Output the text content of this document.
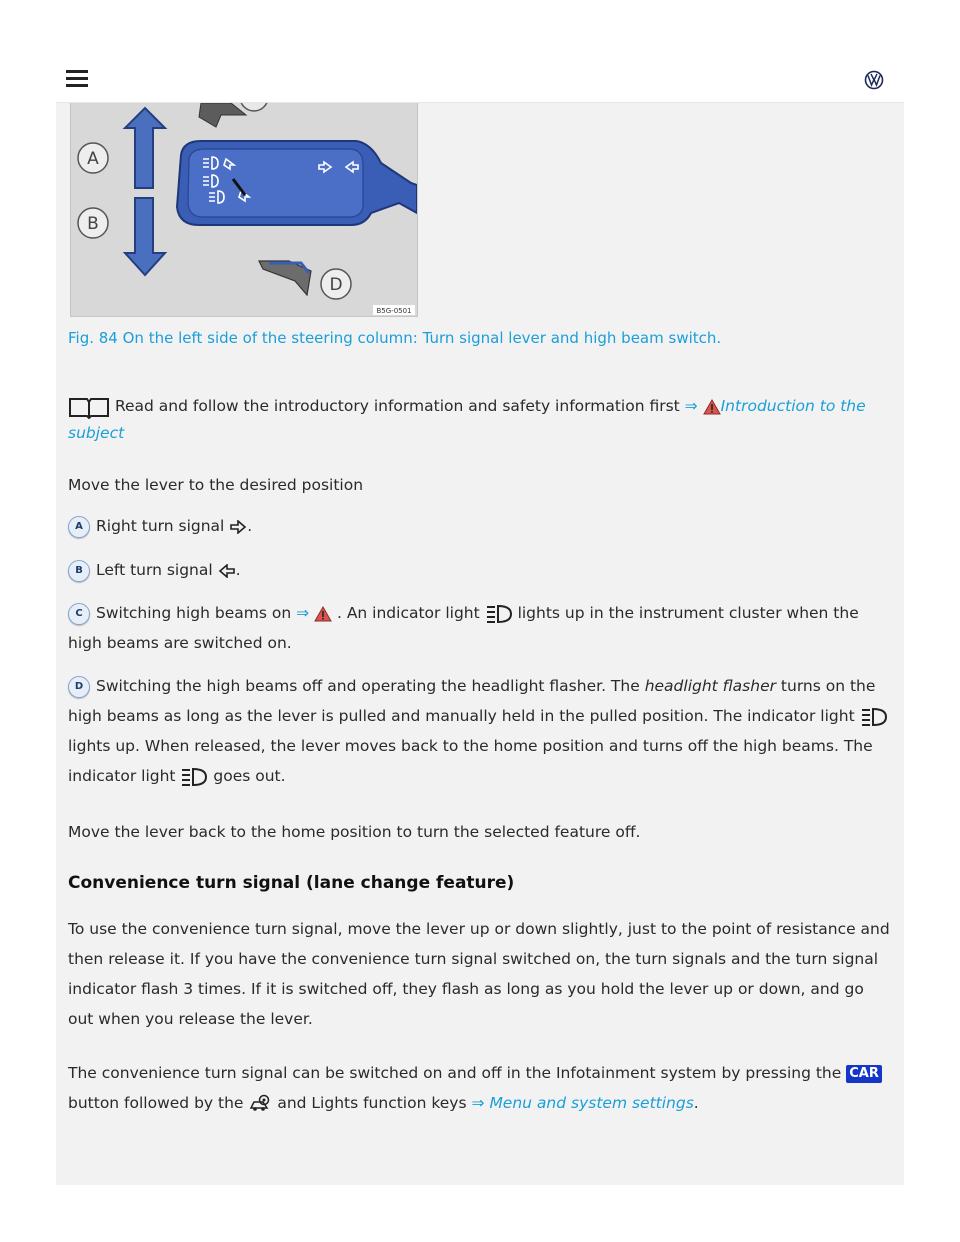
A
B
D
B5G-0501
Fig. 84 On the left side of the steering column: Turn signal lever and high beam switch.
Read and follow the introductory information and safety information first ⇒ Introduction to the subject
Move the lever to the desired position
A Right turn signal .
B Left turn signal .
C Switching high beams on ⇒ . An indicator light lights up in the instrument cluster when the high beams are switched on.
D Switching the high beams off and operating the headlight flasher. The headlight flasher turns on the high beams as long as the lever is pulled and manually held in the pulled position. The indicator light  lights up. When released, the lever moves back to the home position and turns off the high beams. The indicator light goes out.
Move the lever back to the home position to turn the selected feature off.
Convenience turn signal (lane change feature)
To use the convenience turn signal, move the lever up or down slightly, just to the point of resistance and then release it. If you have the convenience turn signal switched on, the turn signals and the turn signal indicator flash 3 times. If it is switched off, they flash as long as you hold the lever up or down, and go out when you release the lever.
The convenience turn signal can be switched on and off in the Infotainment system by pressing the CAR button followed by the and Lights function keys ⇒ Menu and system settings.
